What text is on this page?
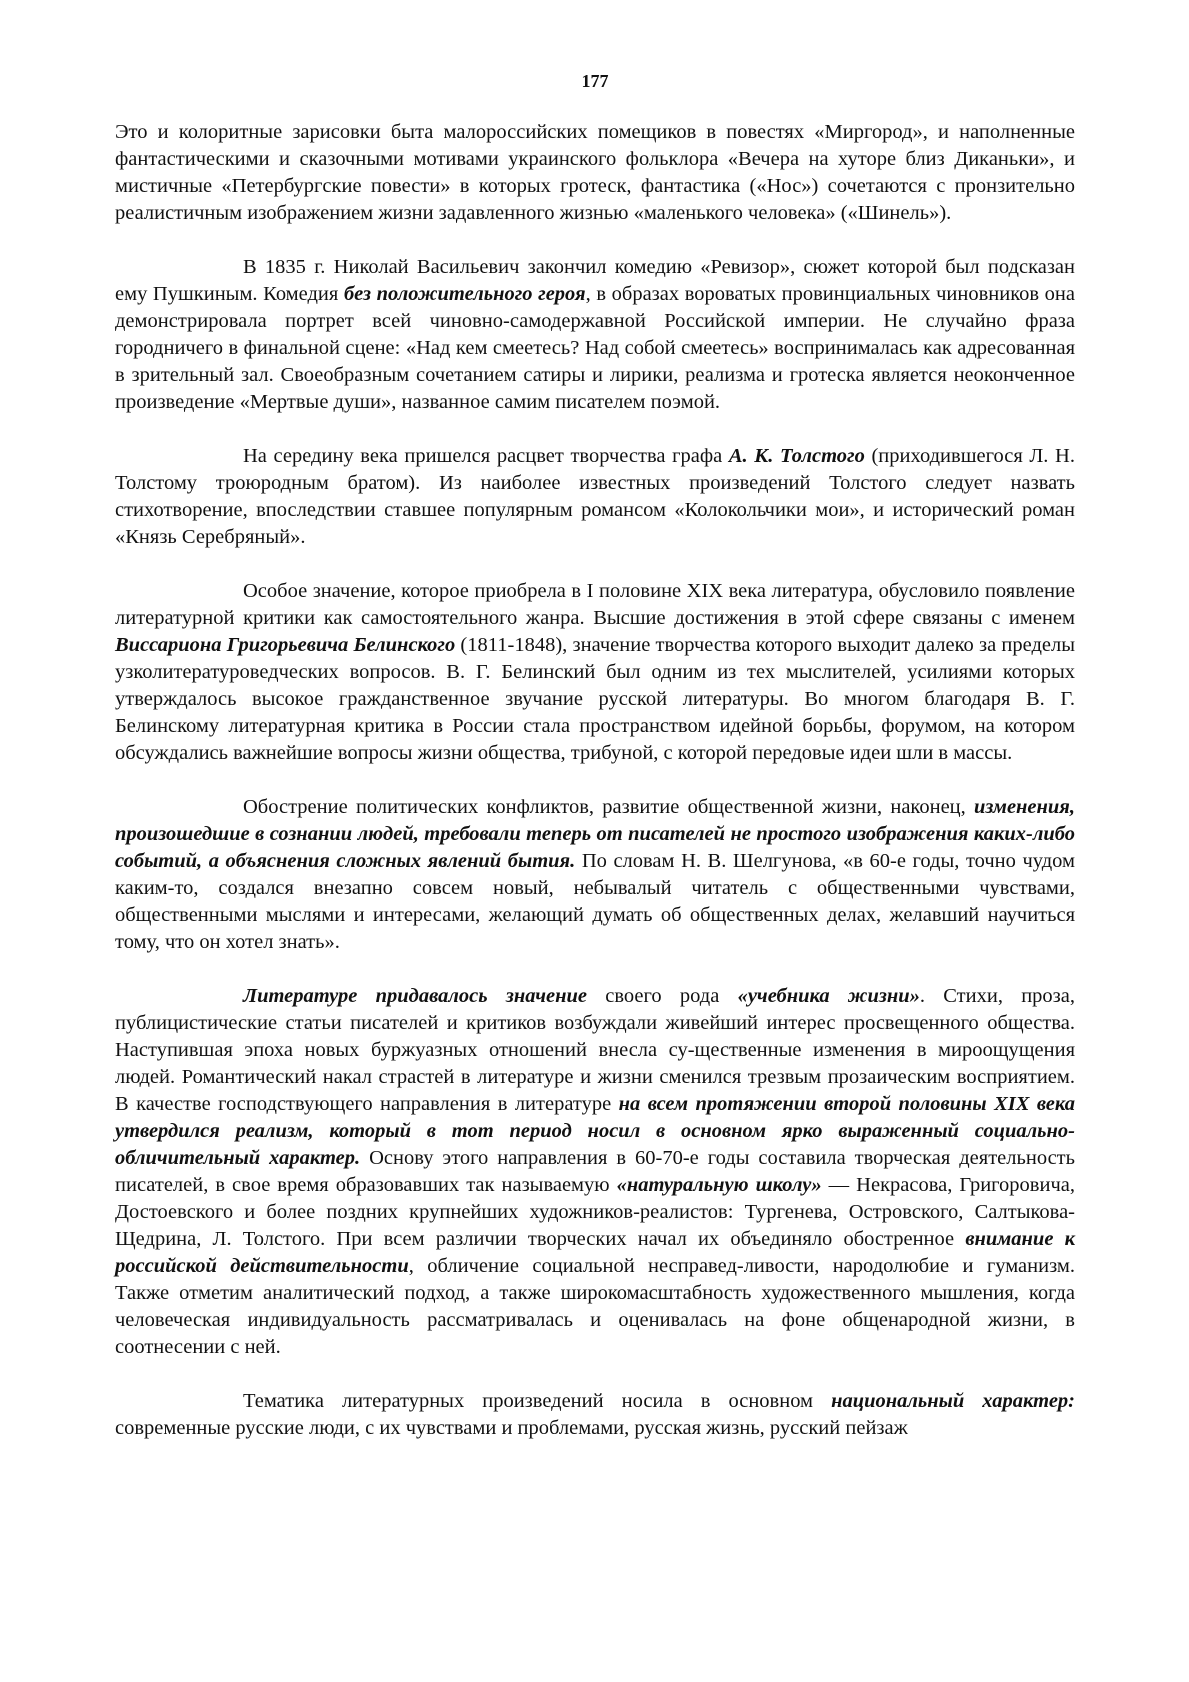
177

Это и колоритные зарисовки быта малороссийских помещиков в повестях «Миргород», и наполненные фантастическими и сказочными мотивами украинского фольклора «Вечера на хуторе близ Диканьки», и мистичные «Петербургские повести» в которых гротеск, фантастика («Нос») сочетаются с пронзительно реалистичным изображением жизни задавленного жизнью «маленького человека» («Шинель»).

В 1835 г. Николай Васильевич закончил комедию «Ревизор», сюжет которой был подсказан ему Пушкиным. Комедия без положительного героя, в образах вороватых провинциальных чиновников она демонстрировала портрет всей чиновно-самодержавной Российской империи. Не случайно фраза городничего в финальной сцене: «Над кем смеетесь? Над собой смеетесь» воспринималась как адресованная в зрительный зал. Своеобразным сочетанием сатиры и лирики, реализма и гротеска является неоконченное произведение «Мертвые души», названное самим писателем поэмой.

На середину века пришелся расцвет творчества графа А. К. Толстого (приходившегося Л. Н. Толстому троюродным братом). Из наиболее известных произведений Толстого следует назвать стихотворение, впоследствии ставшее популярным романсом «Колокольчики мои», и исторический роман «Князь Серебряный».

Особое значение, которое приобрела в I половине XIX века литература, обусловило появление литературной критики как самостоятельного жанра. Высшие достижения в этой сфере связаны с именем Виссариона Григорьевича Белинского (1811-1848), значение творчества которого выходит далеко за пределы узколитературоведческих вопросов. В. Г. Белинский был одним из тех мыслителей, усилиями которых утверждалось высокое гражданственное звучание русской литературы. Во многом благодаря В. Г. Белинскому литературная критика в России стала пространством идейной борьбы, форумом, на котором обсуждались важнейшие вопросы жизни общества, трибуной, с которой передовые идеи шли в массы.

Обострение политических конфликтов, развитие общественной жизни, наконец, изменения, произошедшие в сознании людей, требовали теперь от писателей не простого изображения каких-либо событий, а объяснения сложных явлений бытия. По словам Н. В. Шелгунова, «в 60-е годы, точно чудом каким-то, создался внезапно совсем новый, небывалый читатель с общественными чувствами, общественными мыслями и интересами, желающий думать об общественных делах, желавший научиться тому, что он хотел знать».

Литературе придавалось значение своего рода «учебника жизни». Стихи, проза, публицистические статьи писателей и критиков возбуждали живейший интерес просвещенного общества. Наступившая эпоха новых буржуазных отношений внесла су-щественные изменения в мироощущения людей. Романтический накал страстей в литературе и жизни сменился трезвым прозаическим восприятием. В качестве господствующего направления в литературе на всем протяжении второй половины XIX века утвердился реализм, который в тот период носил в основном ярко выраженный социально-обличительный характер. Основу этого направления в 60-70-е годы составила творческая деятельность писателей, в свое время образовавших так называемую «натуральную школу» — Некрасова, Григоровича, Достоевского и более поздних крупнейших художников-реалистов: Тургенева, Островского, Салтыкова-Щедрина, Л. Толстого. При всем различии творческих начал их объединяло обостренное внимание к российской действительности, обличение социальной несправед-ливости, народолюбие и гуманизм. Также отметим аналитический подход, а также широкомасштабность художественного мышления, когда человеческая индивидуальность рассматривалась и оценивалась на фоне общенародной жизни, в соотнесении с ней.

Тематика литературных произведений носила в основном национальный характер: современные русские люди, с их чувствами и проблемами, русская жизнь, русский пейзаж
